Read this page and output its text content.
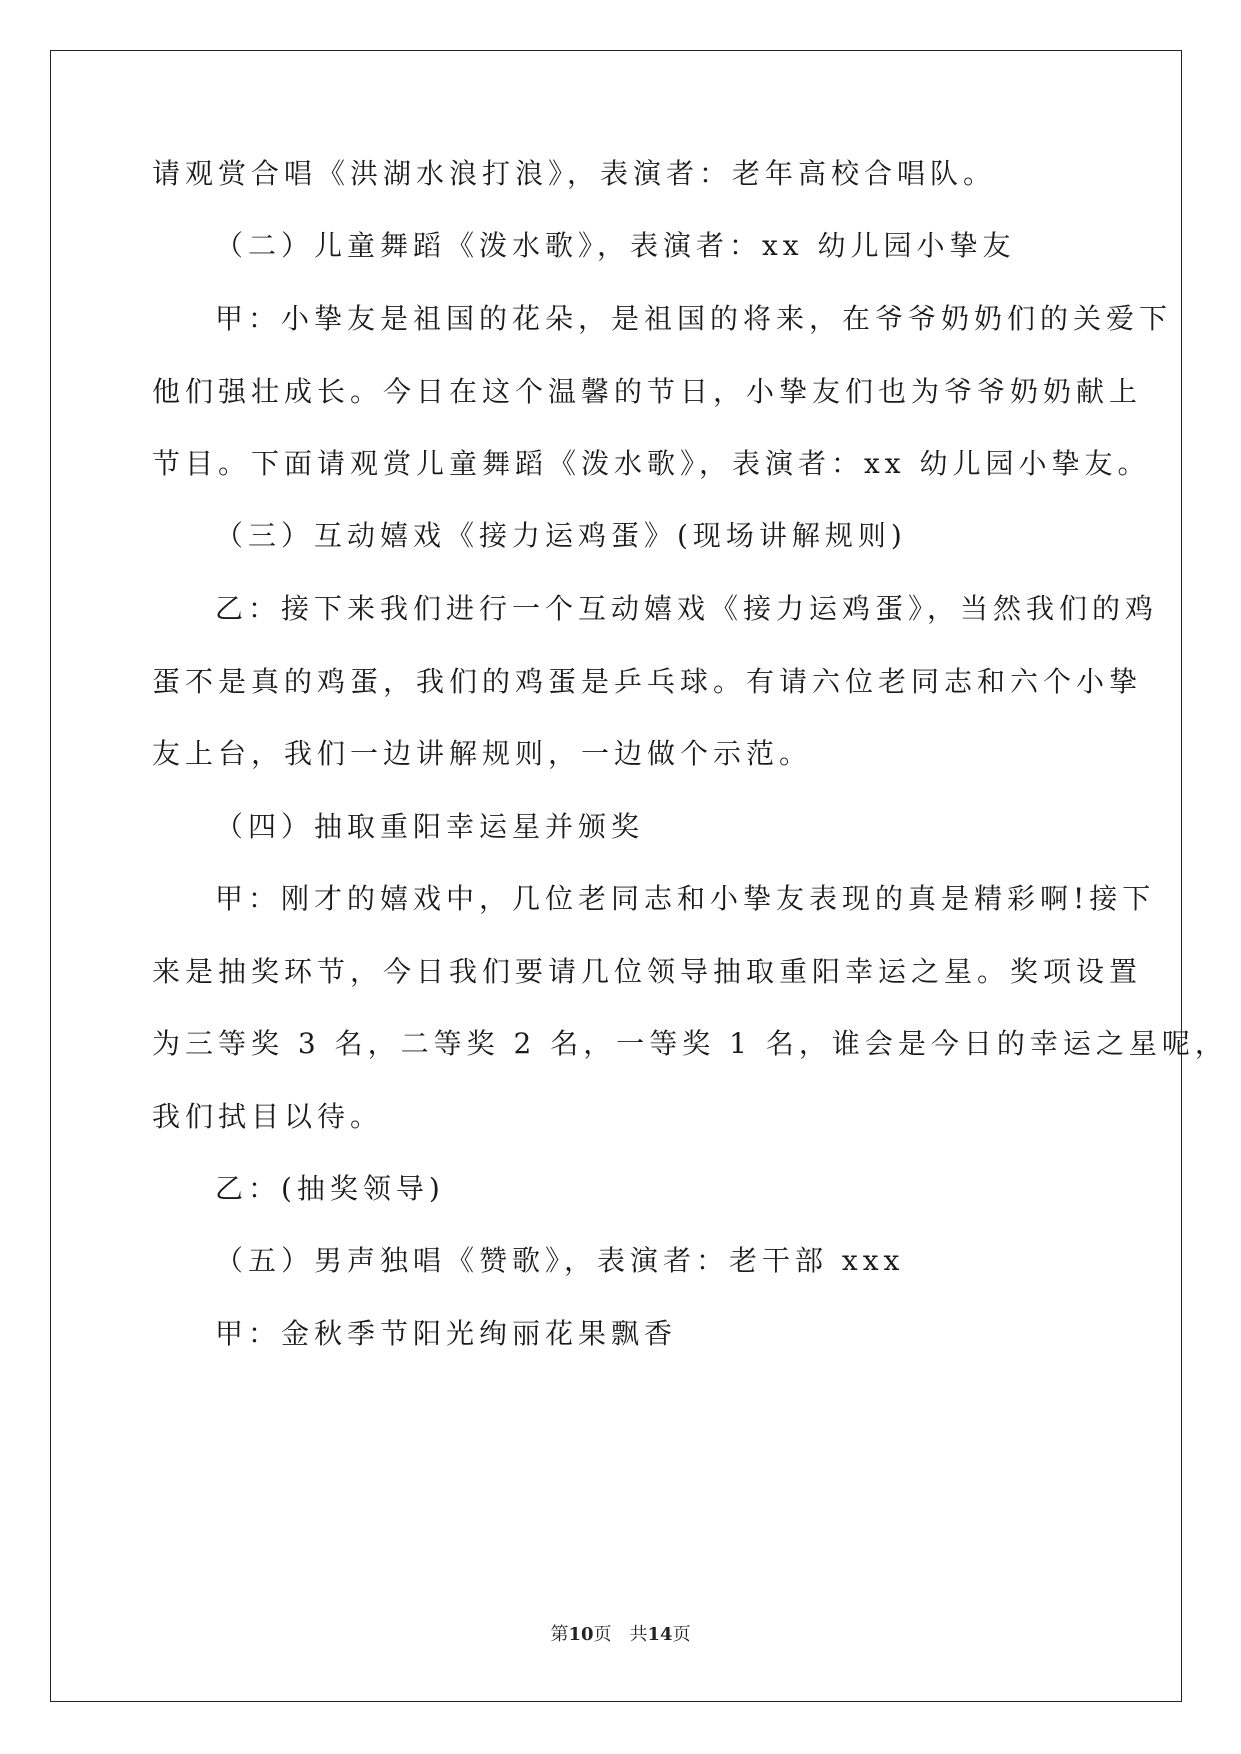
请观赏合唱《洪湖水浪打浪》，表演者：老年高校合唱队。
（二）儿童舞蹈《泼水歌》，表演者：xx 幼儿园小挚友
甲：小挚友是祖国的花朵，是祖国的将来，在爷爷奶奶们的关爱下
他们强壮成长。今日在这个温馨的节日，小挚友们也为爷爷奶奶献上
节目。下面请观赏儿童舞蹈《泼水歌》，表演者：xx 幼儿园小挚友。
（三）互动嬉戏《接力运鸡蛋》(现场讲解规则)
乙：接下来我们进行一个互动嬉戏《接力运鸡蛋》，当然我们的鸡
蛋不是真的鸡蛋，我们的鸡蛋是乒乓球。有请六位老同志和六个小挚
友上台，我们一边讲解规则，一边做个示范。
（四）抽取重阳幸运星并颁奖
甲：刚才的嬉戏中，几位老同志和小挚友表现的真是精彩啊!接下
来是抽奖环节，今日我们要请几位领导抽取重阳幸运之星。奖项设置
为三等奖 3 名，二等奖 2 名，一等奖 1 名，谁会是今日的幸运之星呢，
我们拭目以待。
乙：(抽奖领导)
（五）男声独唱《赞歌》，表演者：老干部 xxx
甲：金秋季节阳光绚丽花果飘香
第10页　共14页
